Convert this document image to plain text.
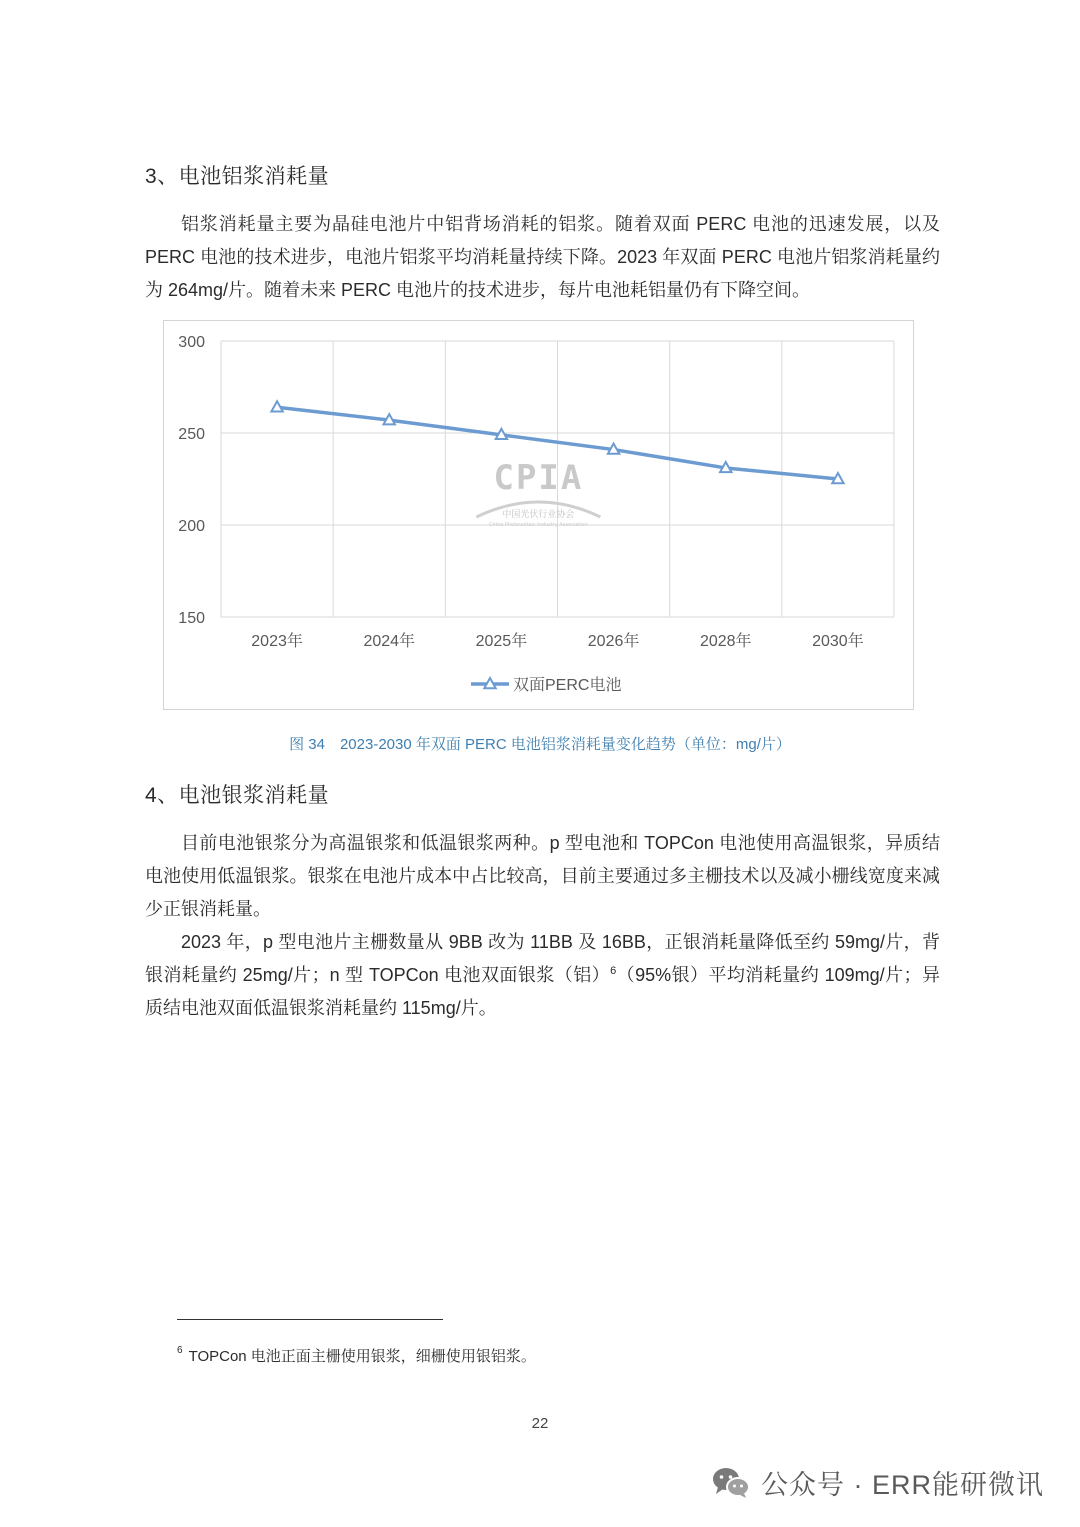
3、电池铝浆消耗量

铝浆消耗量主要为晶硅电池片中铝背场消耗的铝浆。随着双面 PERC 电池的迅速发展，以及 PERC 电池的技术进步，电池片铝浆平均消耗量持续下降。2023 年双面 PERC 电池片铝浆消耗量约为 264mg/片。随着未来 PERC 电池片的技术进步，每片电池耗铝量仍有下降空间。

CPIA
中国光伏行业协会
China Photovoltaic Industry Association
150
200
250
300
2023年	2024年	2025年	2026年	2028年	2030年
双面PERC电池
图 34　2023-2030 年双面 PERC 电池铝浆消耗量变化趋势（单位：mg/片）
4、电池银浆消耗量

目前电池银浆分为高温银浆和低温银浆两种。p 型电池和 TOPCon 电池使用高温银浆，异质结电池使用低温银浆。银浆在电池片成本中占比较高，目前主要通过多主栅技术以及减小栅线宽度来减少正银消耗量。

2023 年，p 型电池片主栅数量从 9BB 改为 11BB 及 16BB，正银消耗量降低至约 59mg/片，背银消耗量约 25mg/片；n 型 TOPCon 电池双面银浆（铝）$^6$（95%银）平均消耗量约 109mg/片；异质结电池双面低温银浆消耗量约 115mg/片。

$^6$ TOPCon 电池正面主栅使用银浆，细栅使用银铝浆。
22
公众号 · ERR能研微讯
